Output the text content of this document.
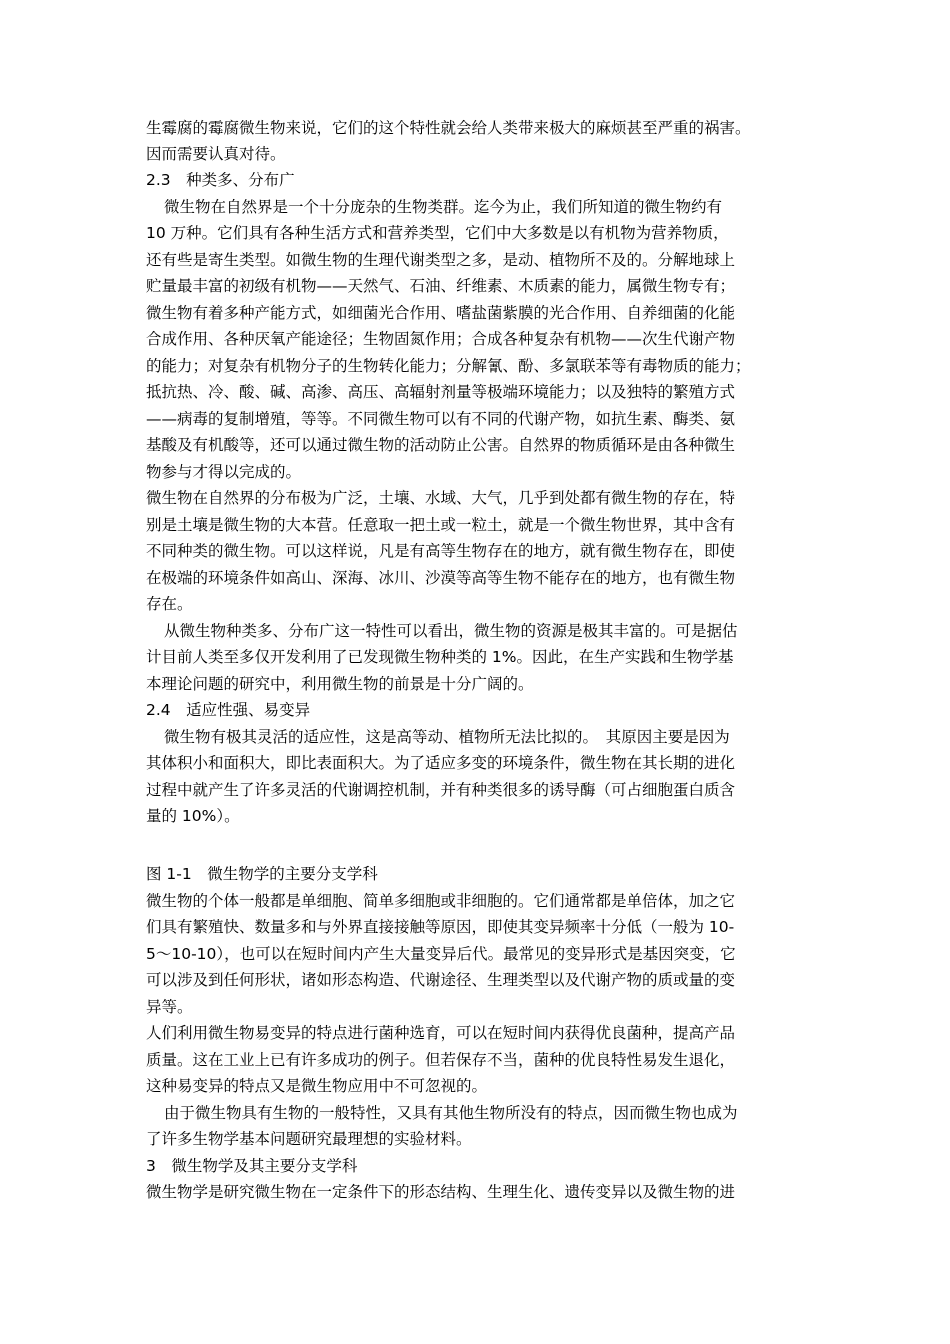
生霉腐的霉腐微生物来说，它们的这个特性就会给人类带来极大的麻烦甚至严重的祸害。

因而需要认真对待。

2.3　种类多、分布广

微生物在自然界是一个十分庞杂的生物类群。迄今为止，我们所知道的微生物约有

10 万种。它们具有各种生活方式和营养类型，它们中大多数是以有机物为营养物质，

还有些是寄生类型。如微生物的生理代谢类型之多，是动、植物所不及的。分解地球上

贮量最丰富的初级有机物——天然气、石油、纤维素、木质素的能力，属微生物专有；

微生物有着多种产能方式，如细菌光合作用、嗜盐菌紫膜的光合作用、自养细菌的化能

合成作用、各种厌氧产能途径；生物固氮作用；合成各种复杂有机物——次生代谢产物

的能力；对复杂有机物分子的生物转化能力；分解氰、酚、多氯联苯等有毒物质的能力；

抵抗热、冷、酸、碱、高渗、高压、高辐射剂量等极端环境能力；以及独特的繁殖方式

——病毒的复制增殖，等等。不同微生物可以有不同的代谢产物，如抗生素、酶类、氨

基酸及有机酸等，还可以通过微生物的活动防止公害。自然界的物质循环是由各种微生

物参与才得以完成的。

微生物在自然界的分布极为广泛，土壤、水域、大气，几乎到处都有微生物的存在，特

别是土壤是微生物的大本营。任意取一把土或一粒土，就是一个微生物世界，其中含有

不同种类的微生物。可以这样说，凡是有高等生物存在的地方，就有微生物存在，即使

在极端的环境条件如高山、深海、冰川、沙漠等高等生物不能存在的地方，也有微生物

存在。

从微生物种类多、分布广这一特性可以看出，微生物的资源是极其丰富的。可是据估

计目前人类至多仅开发利用了已发现微生物种类的 1%。因此，在生产实践和生物学基

本理论问题的研究中，利用微生物的前景是十分广阔的。

2.4　适应性强、易变异

微生物有极其灵活的适应性，这是高等动、植物所无法比拟的。　其原因主要是因为

其体积小和面积大，即比表面积大。为了适应多变的环境条件，微生物在其长期的进化

过程中就产生了许多灵活的代谢调控机制，并有种类很多的诱导酶（可占细胞蛋白质含

量的 10%）。

图 1-1　微生物学的主要分支学科

微生物的个体一般都是单细胞、简单多细胞或非细胞的。它们通常都是单倍体，加之它

们具有繁殖快、数量多和与外界直接接触等原因，即使其变异频率十分低（一般为 10-

5～10-10），也可以在短时间内产生大量变异后代。最常见的变异形式是基因突变，它

可以涉及到任何形状，诸如形态构造、代谢途径、生理类型以及代谢产物的质或量的变

异等。

人们利用微生物易变异的特点进行菌种选育，可以在短时间内获得优良菌种，提高产品

质量。这在工业上已有许多成功的例子。但若保存不当，菌种的优良特性易发生退化，

这种易变异的特点又是微生物应用中不可忽视的。

由于微生物具有生物的一般特性，又具有其他生物所没有的特点，因而微生物也成为

了许多生物学基本问题研究最理想的实验材料。

3　微生物学及其主要分支学科

微生物学是研究微生物在一定条件下的形态结构、生理生化、遗传变异以及微生物的进
